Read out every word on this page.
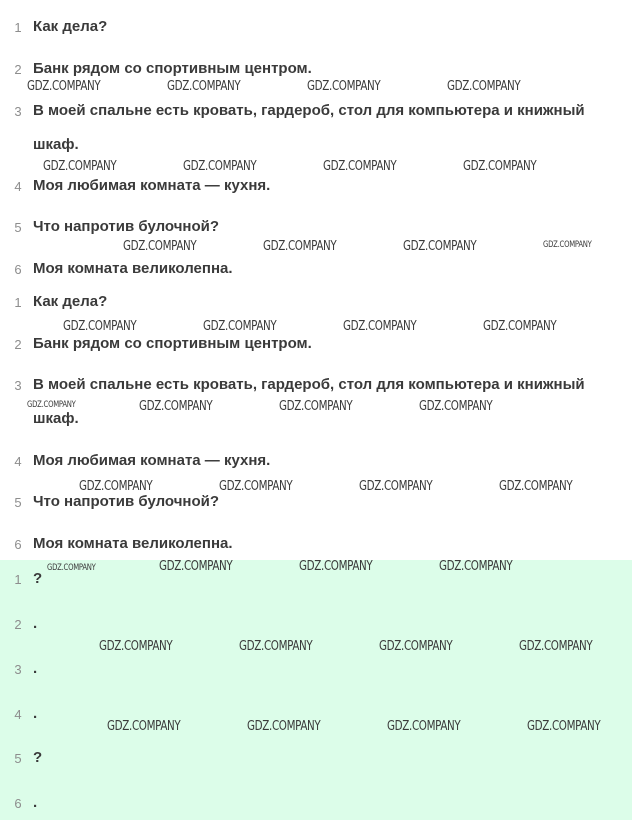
1 Как дела?
2 Банк рядом со спортивным центром.
3 В моей спальне есть кровать, гардероб, стол для компьютера и книжный шкаф.
4 Моя любимая комната — кухня.
5 Что напротив булочной?
6 Моя комната великолепна.
1 Как дела?
2 Банк рядом со спортивным центром.
3 В моей спальне есть кровать, гардероб, стол для компьютера и книжный шкаф.
4 Моя любимая комната — кухня.
5 Что напротив булочной?
6 Моя комната великолепна.
1 ?
2 .
3 .
4 .
5 ?
6 .
GDZ.COMPANY	GDZ.COMPANY	GDZ.COMPANY	GDZ.COMPANY
GDZ.COMPANY	GDZ.COMPANY	GDZ.COMPANY	GDZ.COMPANY
GDZ.COMPANY	GDZ.COMPANY	GDZ.COMPANY	GDZ.COMPANY
GDZ.COMPANY	GDZ.COMPANY	GDZ.COMPANY	GDZ.COMPANY
GDZ.COMPANY	GDZ.COMPANY	GDZ.COMPANY	GDZ.COMPANY
GDZ.COMPANY	GDZ.COMPANY	GDZ.COMPANY	GDZ.COMPANY
GDZ.COMPANY	GDZ.COMPANY	GDZ.COMPANY	GDZ.COMPANY
GDZ.COMPANY	GDZ.COMPANY	GDZ.COMPANY	GDZ.COMPANY
GDZ.COMPANY	GDZ.COMPANY	GDZ.COMPANY	GDZ.COMPANY
